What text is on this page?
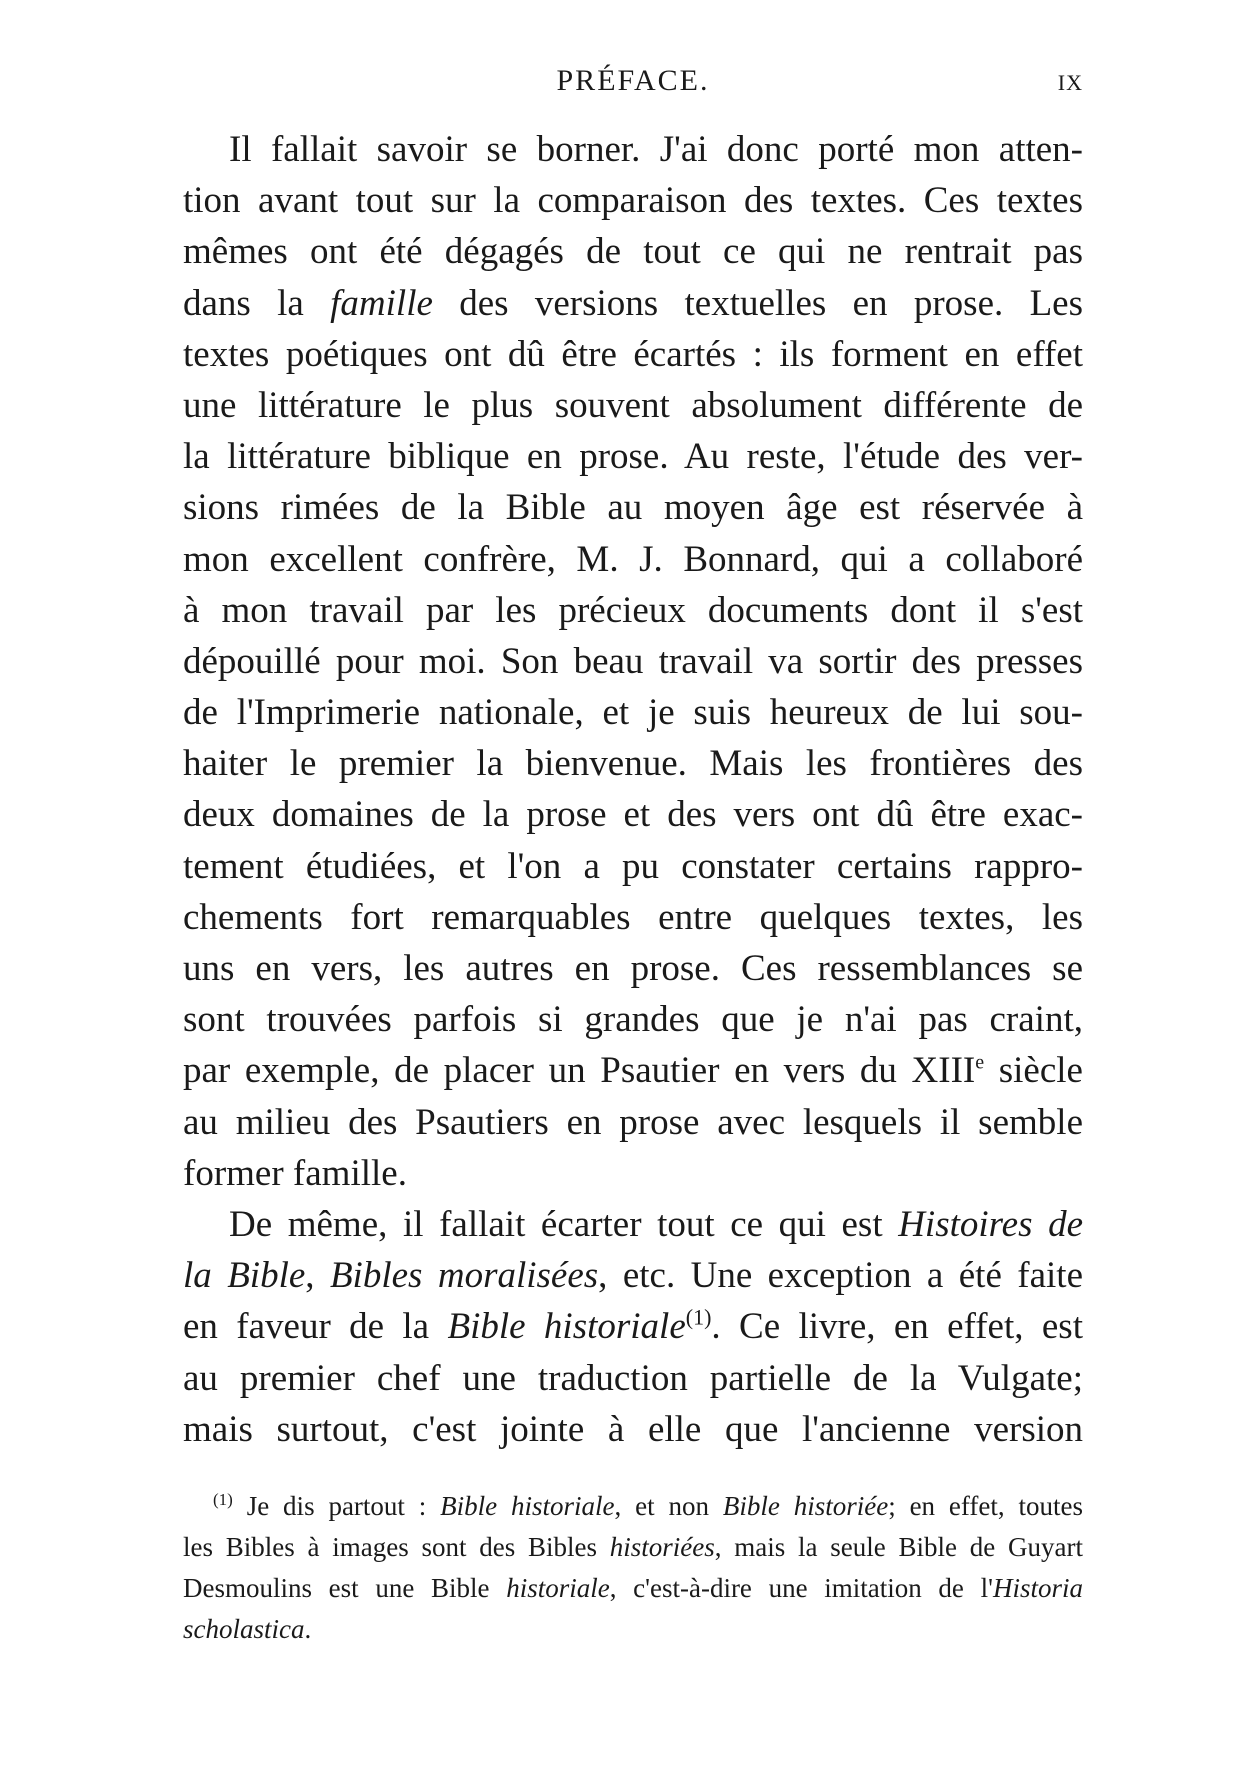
PRÉFACE.	IX
Il fallait savoir se borner. J'ai donc porté mon atten-
tion avant tout sur la comparaison des textes. Ces textes
mêmes ont été dégagés de tout ce qui ne rentrait pas
dans la famille des versions textuelles en prose. Les
textes poétiques ont dû être écartés : ils forment en effet
une littérature le plus souvent absolument différente de
la littérature biblique en prose. Au reste, l'étude des ver-
sions rimées de la Bible au moyen âge est réservée à
mon excellent confrère, M. J. Bonnard, qui a collaboré
à mon travail par les précieux documents dont il s'est
dépouillé pour moi. Son beau travail va sortir des presses
de l'Imprimerie nationale, et je suis heureux de lui sou-
haiter le premier la bienvenue. Mais les frontières des
deux domaines de la prose et des vers ont dû être exac-
tement étudiées, et l'on a pu constater certains rappro-
chements fort remarquables entre quelques textes, les
uns en vers, les autres en prose. Ces ressemblances se
sont trouvées parfois si grandes que je n'ai pas craint,
par exemple, de placer un Psautier en vers du XIIIe siècle
au milieu des Psautiers en prose avec lesquels il semble
former famille.
De même, il fallait écarter tout ce qui est Histoires de
la Bible, Bibles moralisées, etc. Une exception a été faite
en faveur de la Bible historiale$^{(1)}$. Ce livre, en effet, est
au premier chef une traduction partielle de la Vulgate;
mais surtout, c'est jointe à elle que l'ancienne version
$^{(1)}$ Je dis partout : Bible historiale, et non Bible historiée; en effet, toutes
les Bibles à images sont des Bibles historiées, mais la seule Bible de Guyart
Desmoulins est une Bible historiale, c'est-à-dire une imitation de l'Historia
scholastica.
